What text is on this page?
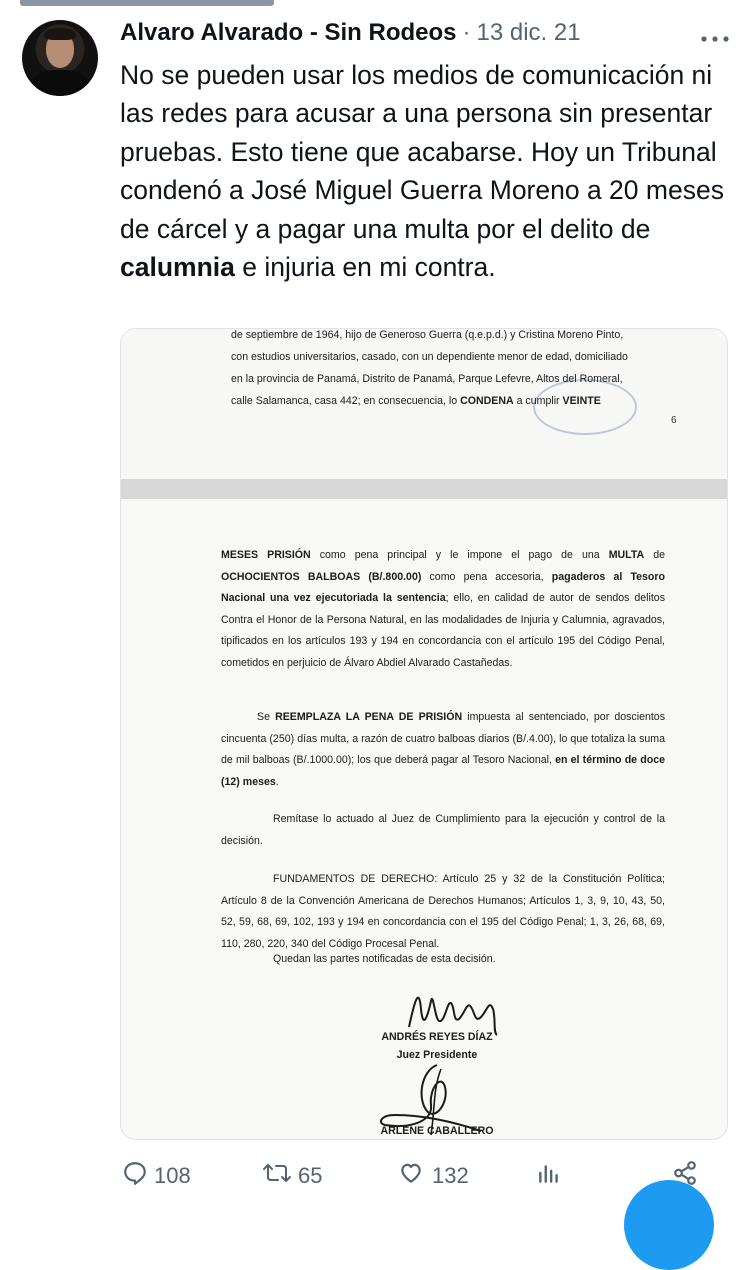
Alvaro Alvarado - Sin Rodeos · 13 dic. 21
No se pueden usar los medios de comunicación ni las redes para acusar a una persona sin presentar pruebas. Esto tiene que acabarse. Hoy un Tribunal condenó a José Miguel Guerra Moreno a 20 meses de cárcel y a pagar una multa por el delito de calumnia e injuria en mi contra.
de septiembre de 1964, hijo de Generoso Guerra (q.e.p.d.) y Cristina Moreno Pinto,
con estudios universitarios, casado, con un dependiente menor de edad, domiciliado
en la provincia de Panamá, Distrito de Panamá, Parque Lefevre, Altos del Romeral,
calle Salamanca, casa 442; en consecuencia, lo CONDENA a cumplir VEINTE
6
MESES PRISIÓN como pena principal y le impone el pago de una MULTA de OCHOCIENTOS BALBOAS (B/.800.00) como pena accesoria, pagaderos al Tesoro Nacional una vez ejecutoriada la sentencia; ello, en calidad de autor de sendos delitos Contra el Honor de la Persona Natural, en las modalidades de Injuria y Calumnia, agravados, tipificados en los artículos 193 y 194 en concordancia con el artículo 195 del Código Penal, cometidos en perjuicio de Álvaro Abdiel Alvarado Castañedas.
Se REEMPLAZA LA PENA DE PRISIÓN impuesta al sentenciado, por doscientos cincuenta (250) días multa, a razón de cuatro balboas diarios (B/.4.00), lo que totaliza la suma de mil balboas (B/.1000.00); los que deberá pagar al Tesoro Nacional, en el término de doce (12) meses.
Remítase lo actuado al Juez de Cumplimiento para la ejecución y control de la decisión.
FUNDAMENTOS DE DERECHO: Artículo 25 y 32 de la Constitución Política; Artículo 8 de la Convención Americana de Derechos Humanos; Artículos 1, 3, 9, 10, 43, 50, 52, 59, 68, 69, 102, 193 y 194 en concordancia con el 195 del Código Penal; 1, 3, 26, 68, 69, 110, 280, 220, 340 del Código Procesal Penal.
Quedan las partes notificadas de esta decisión.
ANDRÉS REYES DÍAZ
Juez Presidente
ARLENE CABALLERO
108	65	132
